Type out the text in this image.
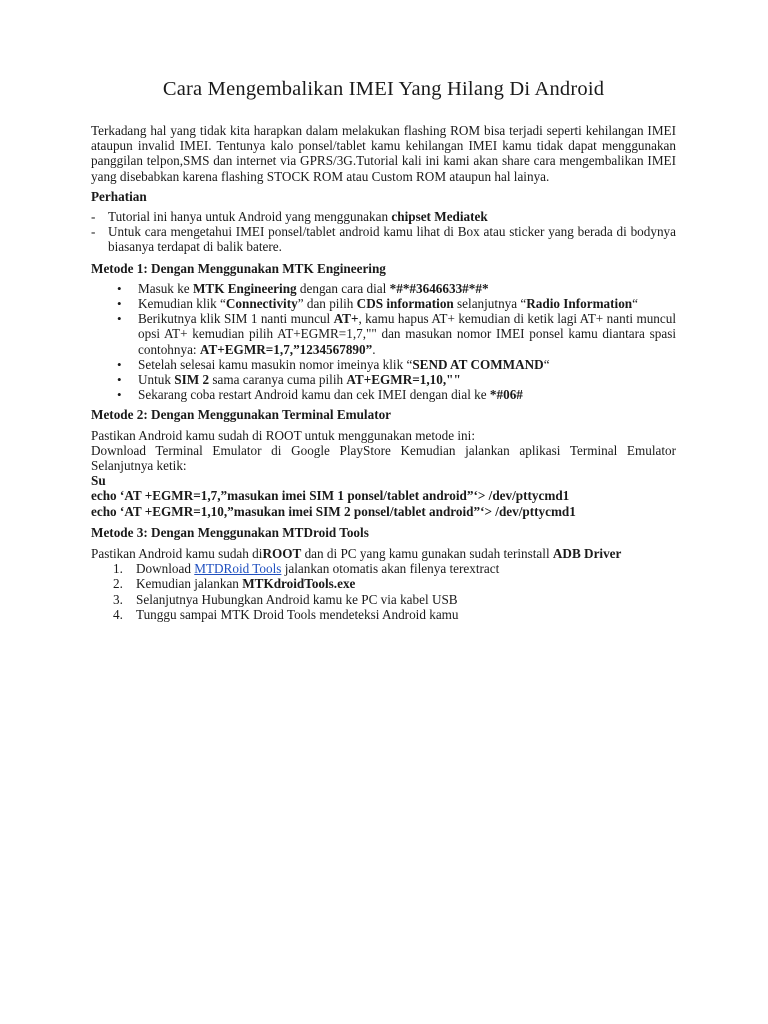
Cara Mengembalikan IMEI Yang Hilang Di Android

Terkadang hal yang tidak kita harapkan dalam melakukan flashing ROM bisa terjadi seperti kehilangan IMEI ataupun invalid IMEI. Tentunya kalo ponsel/tablet kamu kehilangan IMEI kamu tidak dapat menggunakan panggilan telpon,SMS dan internet via GPRS/3G.Tutorial kali ini kami akan share cara mengembalikan IMEI yang disebabkan karena flashing STOCK ROM atau Custom ROM ataupun hal lainya.

Perhatian
- Tutorial ini hanya untuk Android yang menggunakan chipset Mediatek
- Untuk cara mengetahui IMEI ponsel/tablet android kamu lihat di Box atau sticker yang berada di bodynya biasanya terdapat di balik batere.
Metode 1: Dengan Menggunakan MTK Engineering
• Masuk ke MTK Engineering dengan cara dial *#*#3646633#*#*
• Kemudian klik “Connectivity” dan pilih CDS information selanjutnya “Radio Information“
• Berikutnya klik SIM 1 nanti muncul AT+, kamu hapus AT+ kemudian di ketik lagi AT+ nanti muncul opsi AT+ kemudian pilih AT+EGMR=1,7,"" dan masukan nomor IMEI ponsel kamu diantara spasi contohnya: AT+EGMR=1,7,”1234567890”.
• Setelah selesai kamu masukin nomor imeinya klik “SEND AT COMMAND“
• Untuk SIM 2 sama caranya cuma pilih AT+EGMR=1,10,""
• Sekarang coba restart Android kamu dan cek IMEI dengan dial ke *#06#
Metode 2: Dengan Menggunakan Terminal Emulator

Pastikan Android kamu sudah di ROOT untuk menggunakan metode ini:

Download Terminal Emulator di Google PlayStore Kemudian jalankan aplikasi Terminal Emulator Selanjutnya ketik:

Su

echo ‘AT +EGMR=1,7,”masukan imei SIM 1 ponsel/tablet android”‘> /dev/pttycmd1

echo ‘AT +EGMR=1,10,”masukan imei SIM 2 ponsel/tablet android”‘> /dev/pttycmd1

Metode 3: Dengan Menggunakan MTDroid Tools

Pastikan Android kamu sudah diROOT dan di PC yang kamu gunakan sudah terinstall ADB Driver

1. Download MTDRoid Tools jalankan otomatis akan filenya terextract
2. Kemudian jalankan MTKdroidTools.exe
3. Selanjutnya Hubungkan Android kamu ke PC via kabel USB
4. Tunggu sampai MTK Droid Tools mendeteksi Android kamu
